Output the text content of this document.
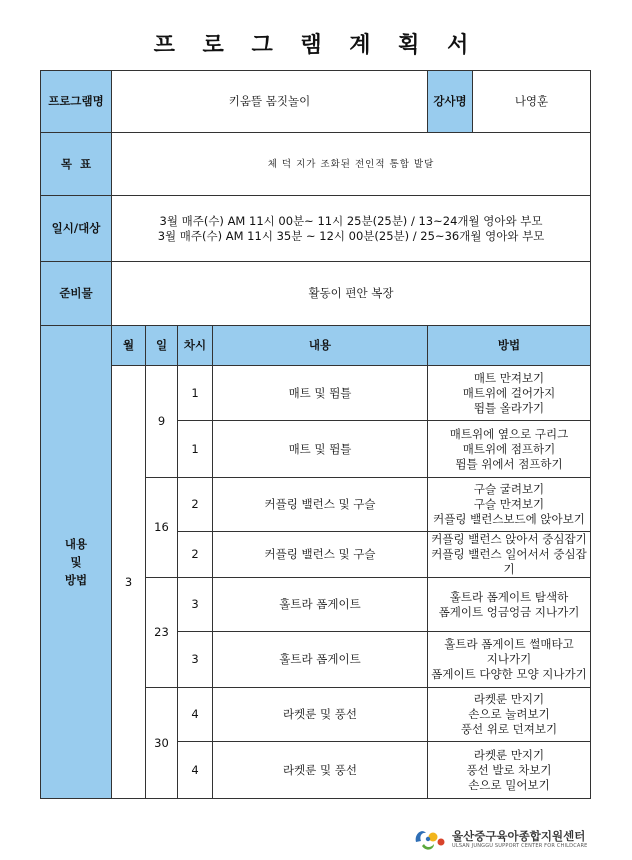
프 로 그 램 계 획 서
프로그램명	키움뜰 몸짓놀이				강사명	나영훈
목  표	체 덕 지가 조화된 전인적 통합 발달					
일시/대상	3월 매주(수) AM 11시 00분~ 11시 25분(25분) / 13~24개월 영아와 부모
3월 매주(수) AM 11시 35분 ~ 12시 00분(25분) / 25~36개월 영아와 부모					

준비물	활동이 편안 복장					

내용
및
방법	월	일	차시	내용	방법	
	3	9	1	매트 및 뜀틀	매트 만져보기
매트위에 걸어가지
뜀틀 올라가기	

			1	매트 및 뜀틀	매트위에 옆으로 구리그
매트위에 점프하기
뜀틀 위에서 점프하기	

		16	2	커플링 밸런스 및 구슬	구슬 굴려보기
구슬 만져보기
커플링 밸런스보드에 앉아보기	

			2	커플링 밸런스 및 구슬	커플링 밸런스 앉아서 중심잡기
커플링 밸런스 일어서서 중심잡기	

		23	3	훌트라 폼게이트	훌트라 폼게이트 탐색하
폼게이트 엉금엉금 지나가기	

			3	훌트라 폼게이트	훌트라 폼게이트 썰매타고
지나가기
폼게이트 다양한 모양 지나가기	

		30	4	라켓룬 및 풍선	라켓룬 만지기
손으로 눌려보기
풍선 위로 던져보기	

			4	라켓룬 및 풍선	라켓룬 만지기
풍선 발로 차보기
손으로 밀어보기	
울산중구육아종합지원센터
ULSAN JUNGGU SUPPORT CENTER FOR CHILDCARE
